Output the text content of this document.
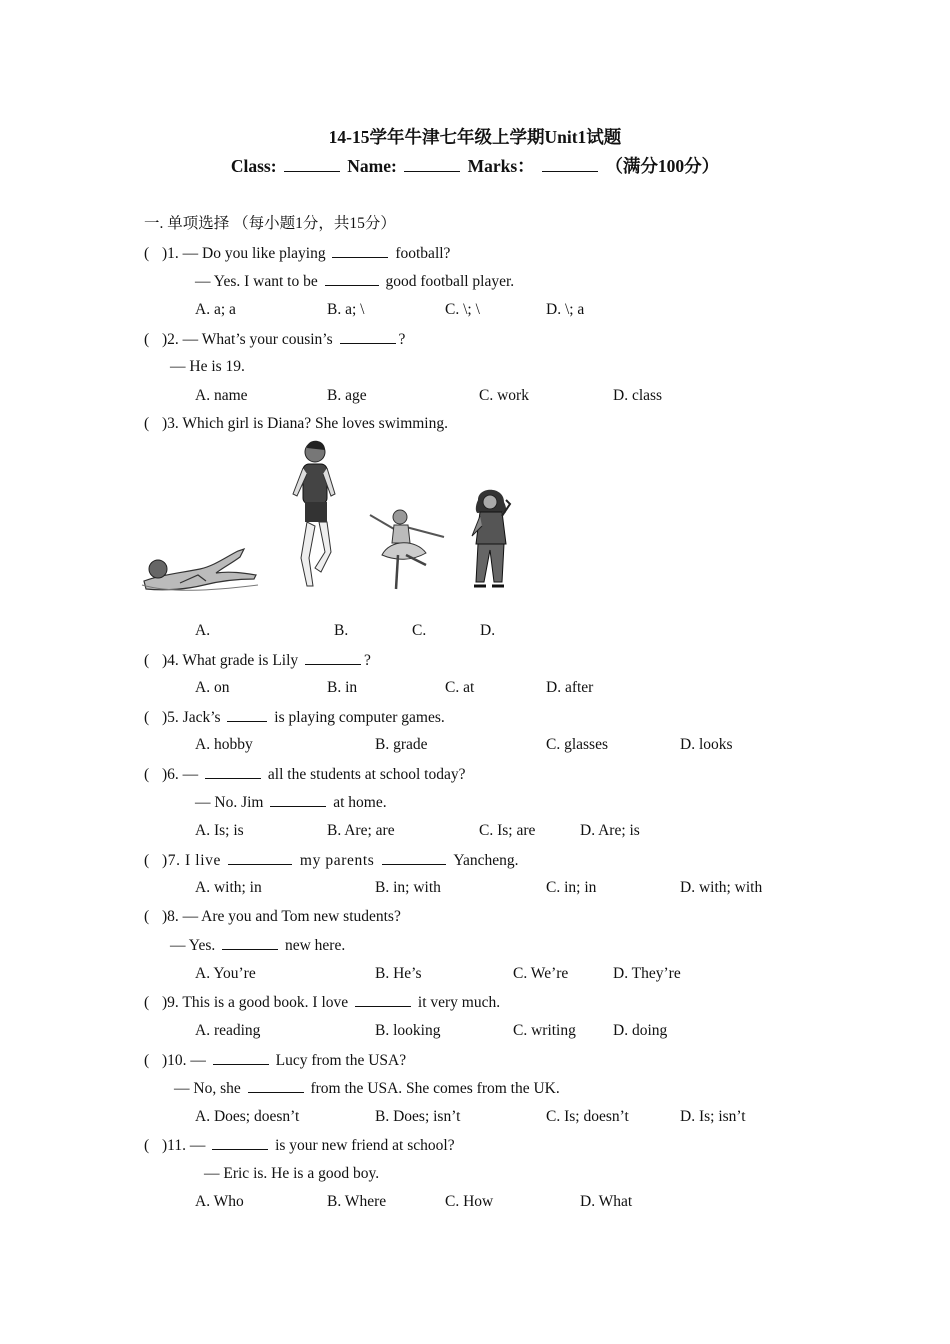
14-15学年牛津七年级上学期Unit1试题
Class:	Name:	Marks：	（满分100分）
一. 单项选择 （每小题1分，共15分）
( )1. — Do you like playing	football?
— Yes. I want to be	good football player.
A. a; a	B. a; \	C. \; \	D. \; a
( )2. — What’s your cousin’s	?
— He is 19.
A. name	B. age	C. work	D. class
( )3. Which girl is Diana? She loves swimming.
A.	B.	C.	D.
( )4. What grade is Lily	?
A. on	B. in	C. at	D. after
( )5. Jack’s	is playing computer games.
A. hobby	B. grade	C. glasses	D. looks
( )6. —	all the students at school today?
— No. Jim	at home.
A. Is; is	B. Are; are	C. Is; are	D. Are; is
( )7. I live	my parents	Yancheng.
A. with; in	B. in; with	C. in; in	D. with; with
( )8. — Are you and Tom new students?
— Yes.	new here.
A. You’re	B. He’s	C. We’re	D. They’re
( )9. This is a good book. I love	it very much.
A. reading	B. looking	C. writing D. doing
( )10. —	Lucy from the USA?
— No, she	from the USA. She comes from the UK.
A. Does; doesn’t	B. Does; isn’t	C. Is; doesn’t	D. Is; isn’t
( )11. —	is your new friend at school?
— Eric is. He is a good boy.
A. Who	B. Where	C. How	D. What
